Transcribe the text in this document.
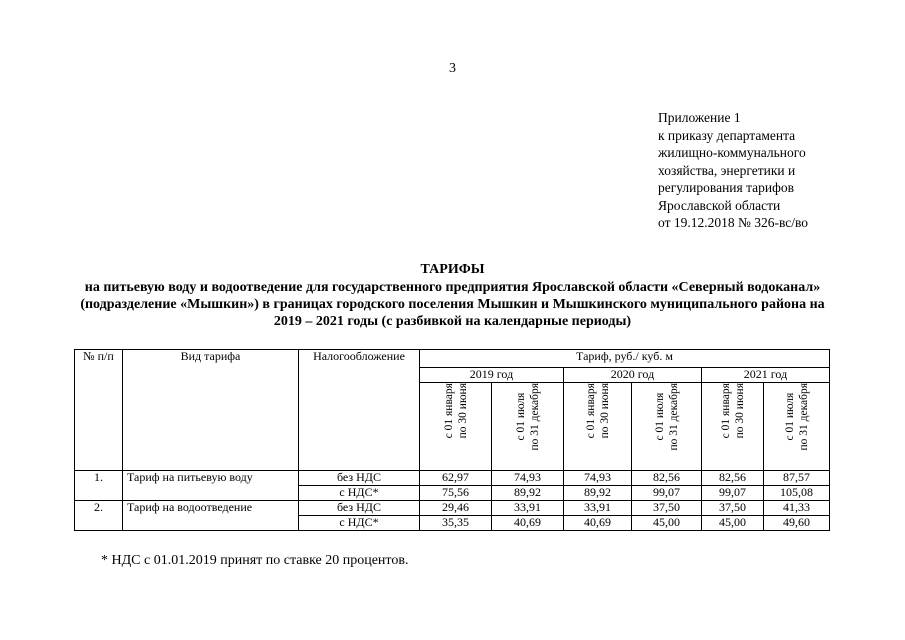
3
Приложение 1
к приказу департамента
жилищно-коммунального
хозяйства, энергетики и
регулирования тарифов
Ярославской области
от 19.12.2018 № 326-вс/во
ТАРИФЫ
на питьевую воду и водоотведение для государственного предприятия Ярославской области «Северный водоканал» (подразделение «Мышкин») в границах городского поселения Мышкин и Мышкинского муниципального района на 2019 – 2021 годы (с разбивкой на календарные периоды)
№ п/п	Вид тарифа	Налогообложение	Тариф, руб./ куб. м					
			2019 год		2020 год		2021 год	
			с 01 января по 30 июня	с 01 июля по 31 декабря	с 01 января по 30 июня	с 01 июля по 31 декабря	с 01 января по 30 июня	с 01 июля по 31 декабря
1.	Тариф на питьевую воду	без НДС	62,97	74,93	74,93	82,56	82,56	87,57
		с НДС*	75,56	89,92	89,92	99,07	99,07	105,08
2.	Тариф на водоотведение	без НДС	29,46	33,91	33,91	37,50	37,50	41,33
		с НДС*	35,35	40,69	40,69	45,00	45,00	49,60
* НДС с 01.01.2019 принят по ставке 20 процентов.
